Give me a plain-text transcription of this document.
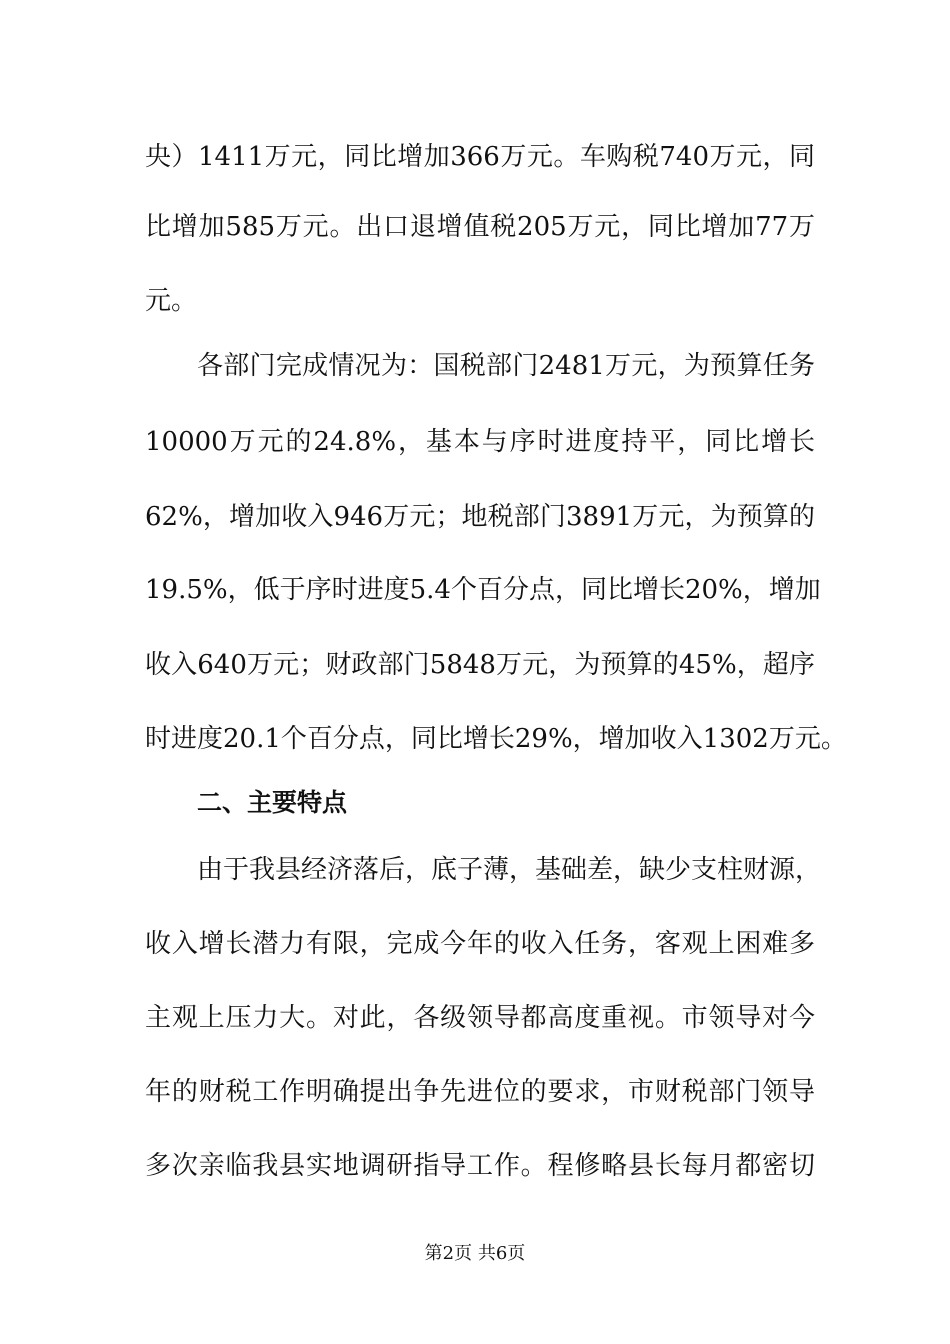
央）1411万元，同比增加366万元。车购税740万元，同
比增加585万元。出口退增值税205万元，同比增加77万
元。
各部门完成情况为：国税部门2481万元，为预算任务
10000万元的24.8%，基本与序时进度持平，同比增长
62%，增加收入946万元；地税部门3891万元，为预算的
19.5%，低于序时进度5.4个百分点，同比增长20%，增加
收入640万元；财政部门5848万元，为预算的45%，超序
时进度20.1个百分点，同比增长29%，增加收入1302万元。
二、主要特点
由于我县经济落后，底子薄，基础差，缺少支柱财源，
收入增长潜力有限，完成今年的收入任务，客观上困难多
主观上压力大。对此，各级领导都高度重视。市领导对今
年的财税工作明确提出争先进位的要求，市财税部门领导
多次亲临我县实地调研指导工作。程修略县长每月都密切
第2页 共6页
